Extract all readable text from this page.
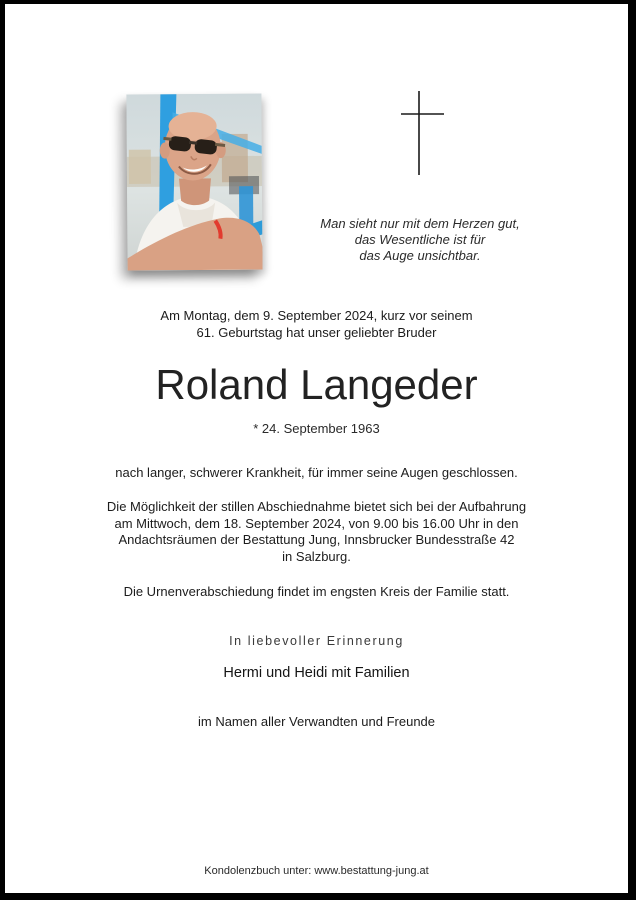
Man sieht nur mit dem Herzen gut,
das Wesentliche ist für
das Auge unsichtbar.
Am Montag, dem 9. September 2024, kurz vor seinem
61. Geburtstag hat unser geliebter Bruder
Roland Langeder
* 24. September 1963
nach langer, schwerer Krankheit, für immer seine Augen geschlossen.
Die Möglichkeit der stillen Abschiednahme bietet sich bei der Aufbahrung
am Mittwoch, dem 18. September 2024, von 9.00 bis 16.00 Uhr in den
Andachtsräumen der Bestattung Jung, Innsbrucker Bundesstraße 42
in Salzburg.
Die Urnenverabschiedung findet im engsten Kreis der Familie statt.
In liebevoller Erinnerung
Hermi und Heidi mit Familien
im Namen aller Verwandten und Freunde
Kondolenzbuch unter: www.bestattung-jung.at
